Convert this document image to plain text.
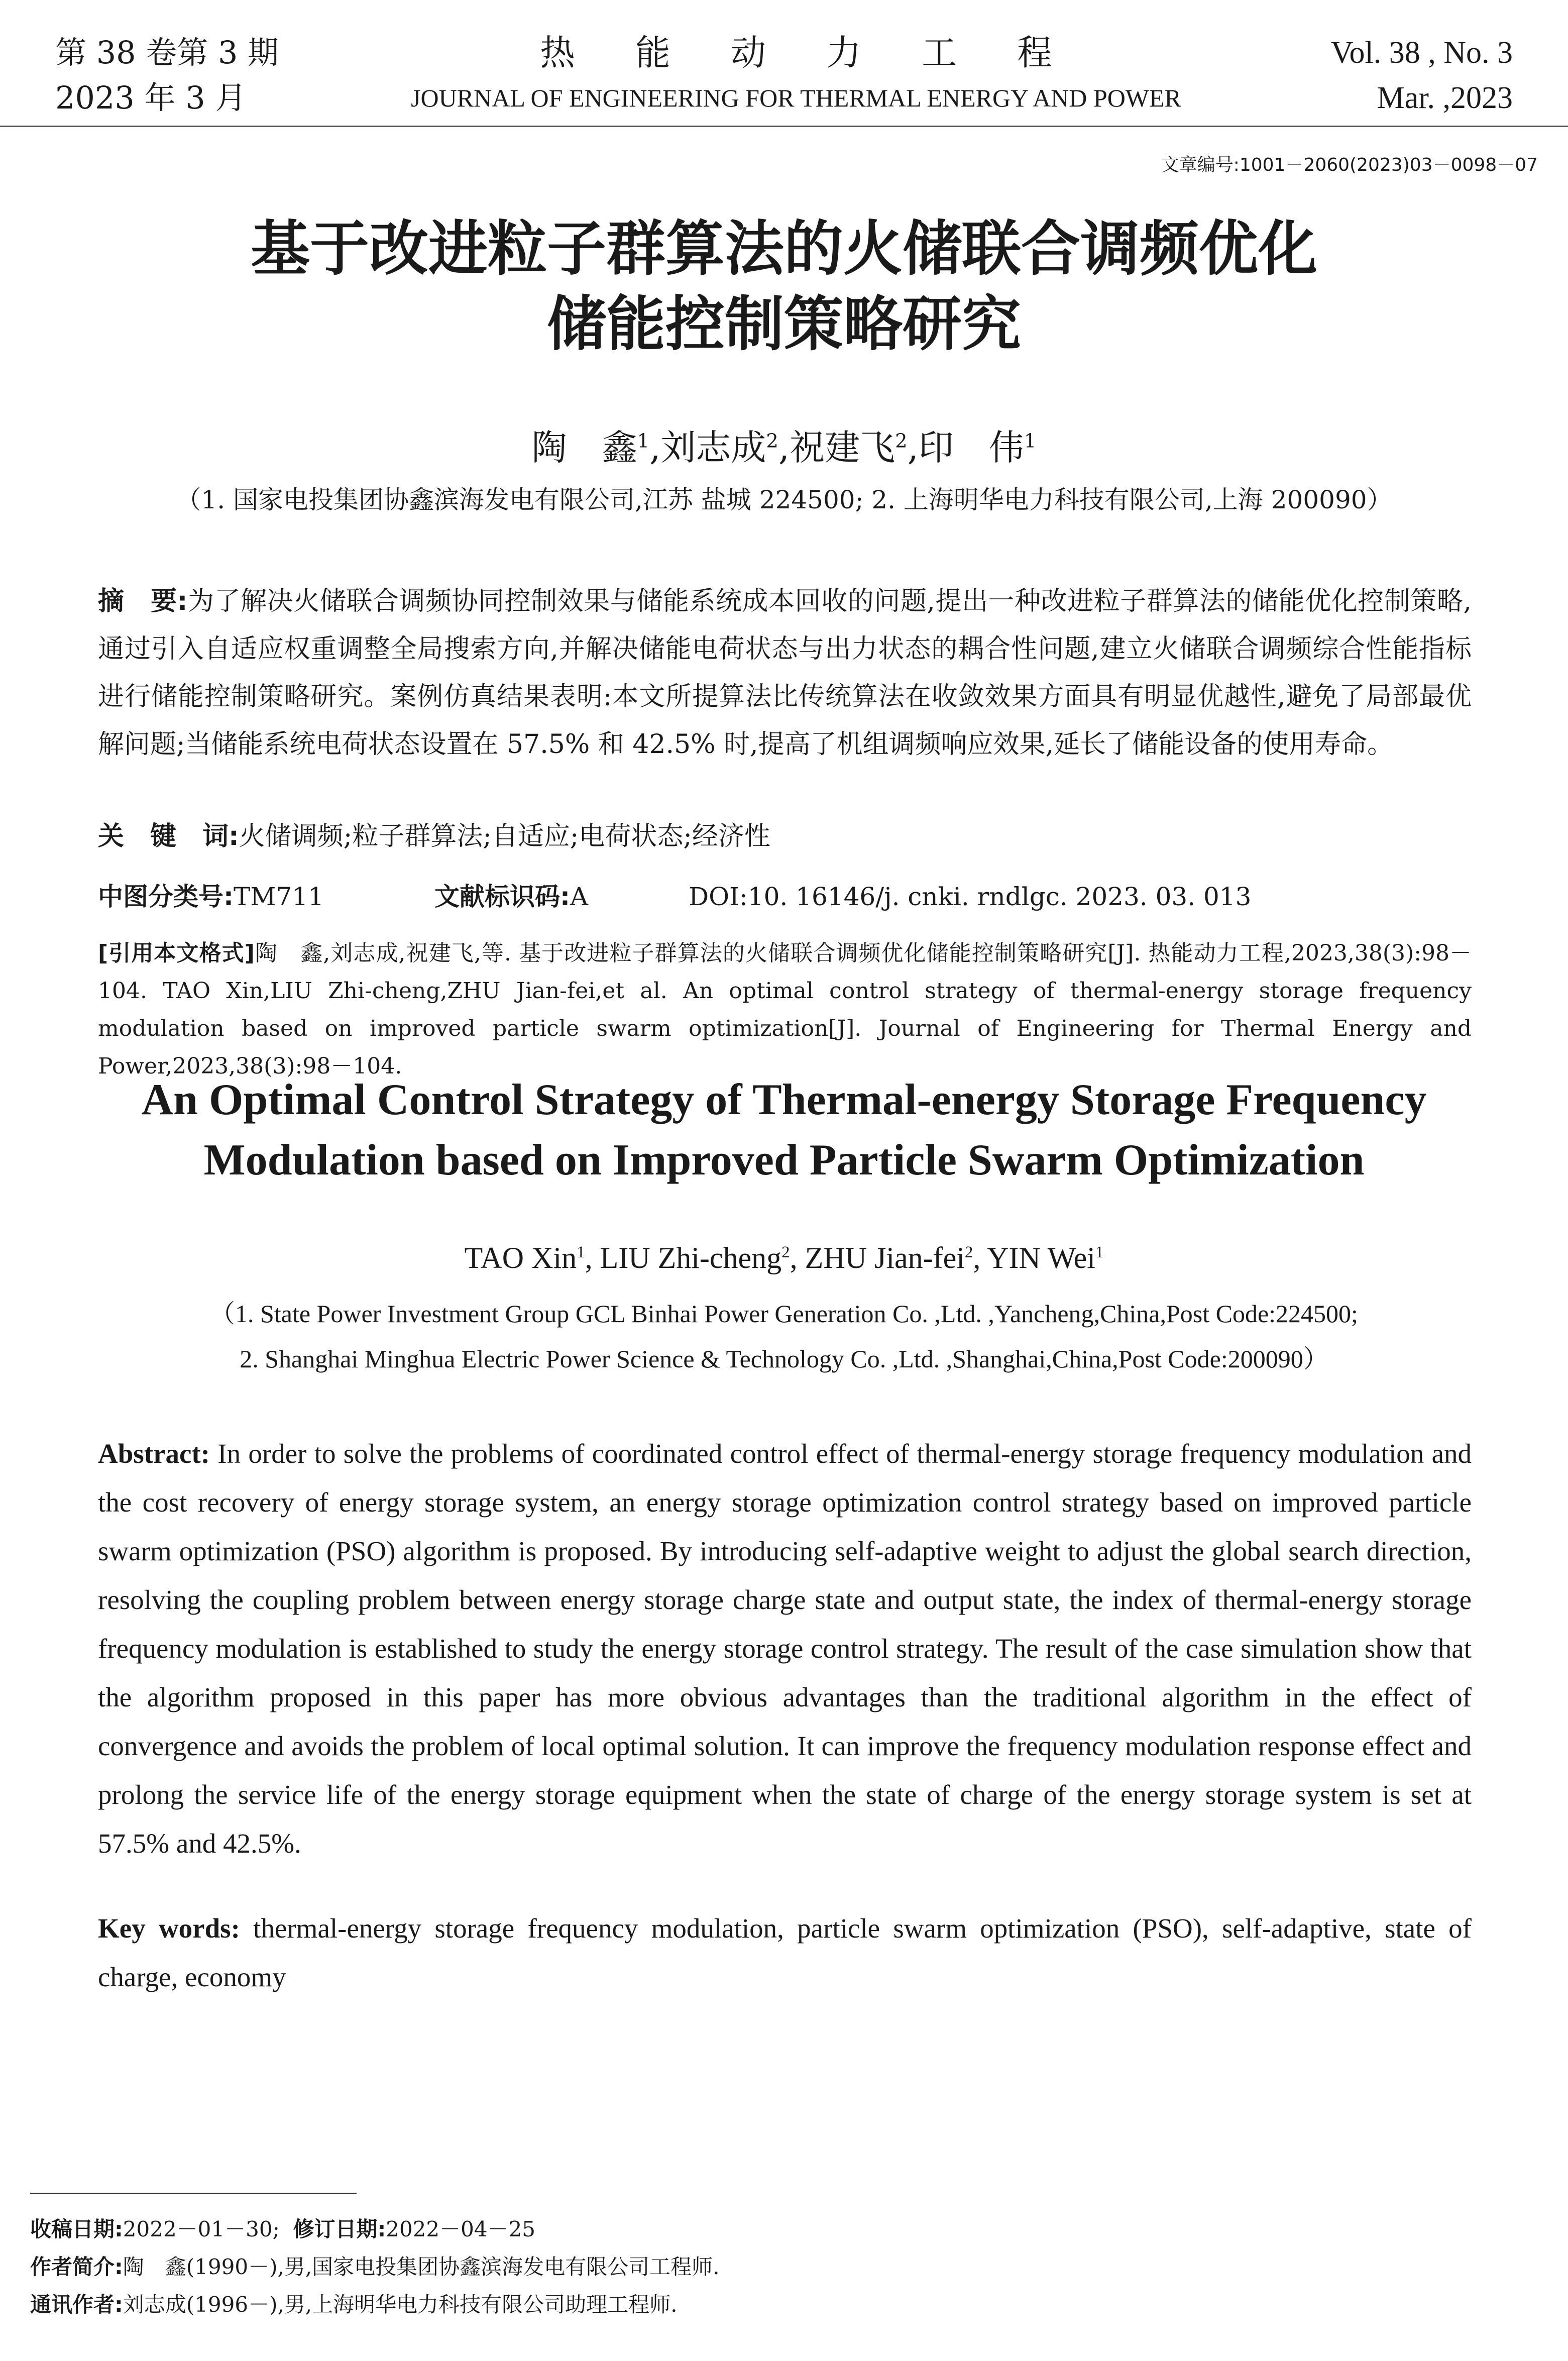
第 38 卷第 3 期
2023 年 3 月
热能动力工程
JOURNAL OF ENGINEERING FOR THERMAL ENERGY AND POWER
Vol. 38 , No. 3
Mar. ,2023
文章编号:1001－2060(2023)03－0098－07
基于改进粒子群算法的火储联合调频优化
储能控制策略研究
陶　鑫$^1$,刘志成$^2$,祝建飞$^2$,印　伟$^1$
（1. 国家电投集团协鑫滨海发电有限公司,江苏 盐城 224500; 2. 上海明华电力科技有限公司,上海 200090）
摘　要:为了解决火储联合调频协同控制效果与储能系统成本回收的问题,提出一种改进粒子群算法的储能优化控制策略,通过引入自适应权重调整全局搜索方向,并解决储能电荷状态与出力状态的耦合性问题,建立火储联合调频综合性能指标进行储能控制策略研究。案例仿真结果表明:本文所提算法比传统算法在收敛效果方面具有明显优越性,避免了局部最优解问题;当储能系统电荷状态设置在 57.5% 和 42.5% 时,提高了机组调频响应效果,延长了储能设备的使用寿命。
关　键　词:火储调频;粒子群算法;自适应;电荷状态;经济性
中图分类号:TM711	文献标识码:A	DOI:10. 16146/j. cnki. rndlgc. 2023. 03. 013
[引用本文格式]陶　鑫,刘志成,祝建飞,等. 基于改进粒子群算法的火储联合调频优化储能控制策略研究[J]. 热能动力工程,2023,38(3):98－104. TAO Xin,LIU Zhi-cheng,ZHU Jian-fei,et al. An optimal control strategy of thermal-energy storage frequency modulation based on improved particle swarm optimization[J]. Journal of Engineering for Thermal Energy and Power,2023,38(3):98－104.
An Optimal Control Strategy of Thermal-energy Storage Frequency
Modulation based on Improved Particle Swarm Optimization
TAO Xin$^1$, LIU Zhi-cheng$^2$, ZHU Jian-fei$^2$, YIN Wei$^1$
（1. State Power Investment Group GCL Binhai Power Generation Co. ,Ltd. ,Yancheng,China,Post Code:224500;
2. Shanghai Minghua Electric Power Science & Technology Co. ,Ltd. ,Shanghai,China,Post Code:200090）
Abstract: In order to solve the problems of coordinated control effect of thermal-energy storage frequency modulation and the cost recovery of energy storage system, an energy storage optimization control strategy based on improved particle swarm optimization (PSO) algorithm is proposed. By introducing self-adaptive weight to adjust the global search direction, resolving the coupling problem between energy storage charge state and output state, the index of thermal-energy storage frequency modulation is established to study the energy storage control strategy. The result of the case simulation show that the algorithm proposed in this paper has more obvious advantages than the traditional algorithm in the effect of convergence and avoids the problem of local optimal solution. It can improve the frequency modulation response effect and prolong the service life of the energy storage equipment when the state of charge of the energy storage system is set at 57.5% and 42.5%.
Key words: thermal-energy storage frequency modulation, particle swarm optimization (PSO), self-adaptive, state of charge, economy
收稿日期:2022－01－30; 修订日期:2022－04－25
作者简介:陶　鑫(1990－),男,国家电投集团协鑫滨海发电有限公司工程师.
通讯作者:刘志成(1996－),男,上海明华电力科技有限公司助理工程师.
